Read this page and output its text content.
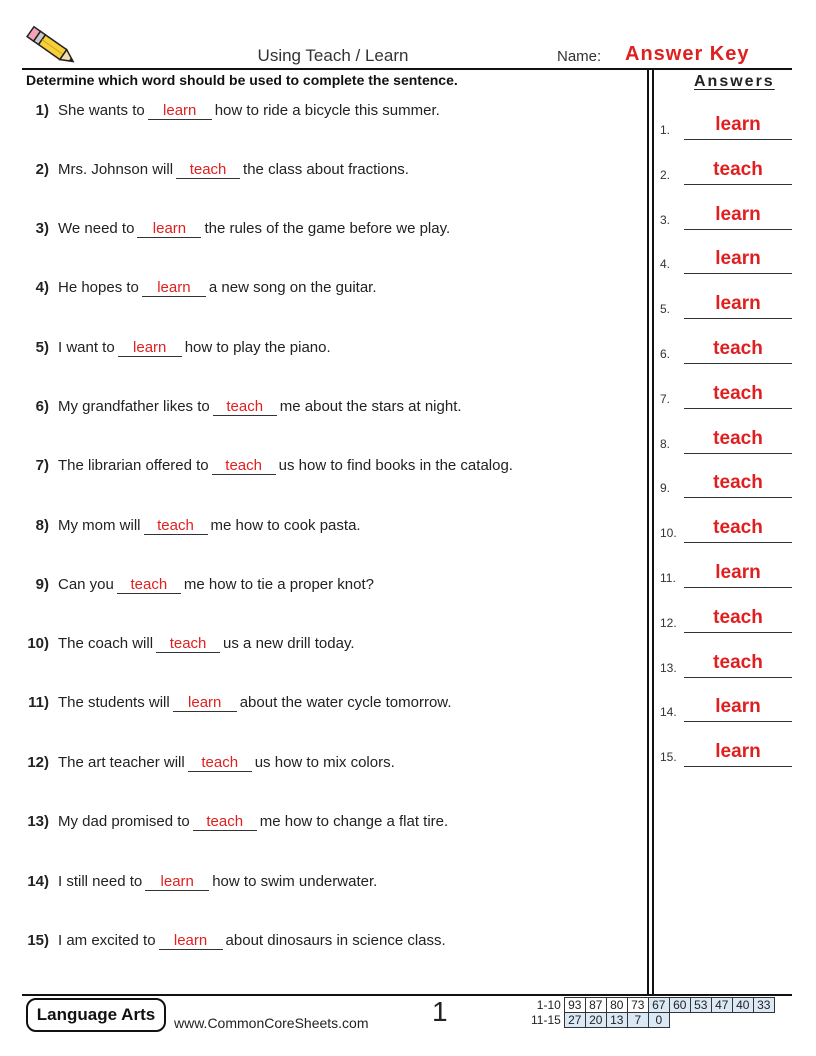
Using Teach / Learn	Name: Answer Key
Determine which word should be used to complete the sentence.	Answers
1) She wants to learn how to ride a bicycle this summer.
2) Mrs. Johnson will teach the class about fractions.
3) We need to learn the rules of the game before we play.
4) He hopes to learn a new song on the guitar.
5) I want to learn how to play the piano.
6) My grandfather likes to teach me about the stars at night.
7) The librarian offered to teach us how to find books in the catalog.
8) My mom will teach me how to cook pasta.
9) Can you teach me how to tie a proper knot?
10) The coach will teach us a new drill today.
11) The students will learn about the water cycle tomorrow.
12) The art teacher will teach us how to mix colors.
13) My dad promised to teach me how to change a flat tire.
14) I still need to learn how to swim underwater.
15) I am excited to learn about dinosaurs in science class.
1.	learn
2.	teach
3.	learn
4.	learn
5.	learn
6.	teach
7.	teach
8.	teach
9.	teach
10.	teach
11.	learn
12.	teach
13.	teach
14.	learn
15.	learn
Language Arts	www.CommonCoreSheets.com 1	1-10	93	87	80	73	67	60	53	47	40	33
11-15	27	20	13	7	0					
